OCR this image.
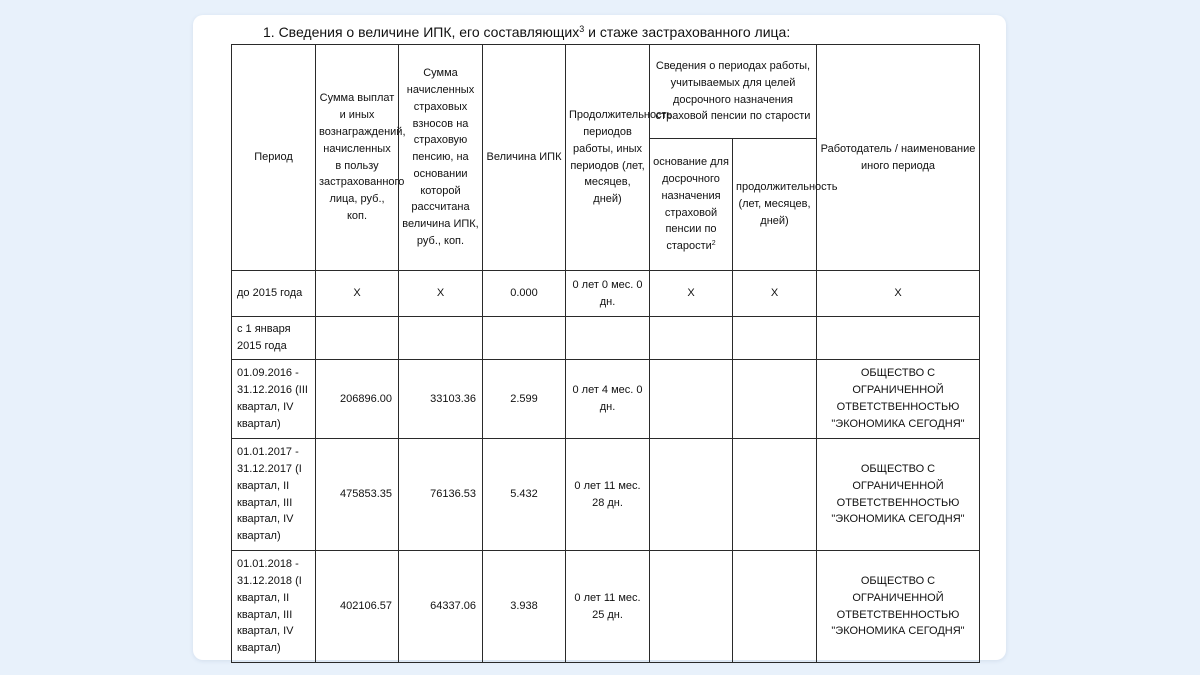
1. Сведения о величине ИПК, его составляющих$^3$ и стаже застрахованного лица:
Период	Сумма выплат и иных вознаграждений, начисленных в пользу застрахованного лица, руб., коп.	Сумма начисленных страховых взносов на страховую пенсию, на основании которой рассчитана величина ИПК, руб., коп.	Величина ИПК	Продолжительность периодов работы, иных периодов (лет, месяцев, дней)	Сведения о периодах работы, учитываемых для целей досрочного назначения страховой пенсии по старости		Работодатель / наименование иного периода
					основание для досрочного назначения страховой пенсии по старости$^2$	продолжительность (лет, месяцев, дней)	
до 2015 года	X	X	0.000	0 лет 0 мес. 0 дн.	X	X	X
с 1 января 2015 года							
01.09.2016 - 31.12.2016 (III квартал, IV квартал)	206896.00	33103.36	2.599	0 лет 4 мес. 0 дн.			ОБЩЕСТВО С ОГРАНИЧЕННОЙ ОТВЕТСТВЕННОСТЬЮ "ЭКОНОМИКА СЕГОДНЯ"
01.01.2017 - 31.12.2017 (I квартал, II квартал, III квартал, IV квартал)	475853.35	76136.53	5.432	0 лет 11 мес. 28 дн.			ОБЩЕСТВО С ОГРАНИЧЕННОЙ ОТВЕТСТВЕННОСТЬЮ "ЭКОНОМИКА СЕГОДНЯ"
01.01.2018 - 31.12.2018 (I квартал, II квартал, III квартал, IV квартал)	402106.57	64337.06	3.938	0 лет 11 мес. 25 дн.			ОБЩЕСТВО С ОГРАНИЧЕННОЙ ОТВЕТСТВЕННОСТЬЮ "ЭКОНОМИКА СЕГОДНЯ"
